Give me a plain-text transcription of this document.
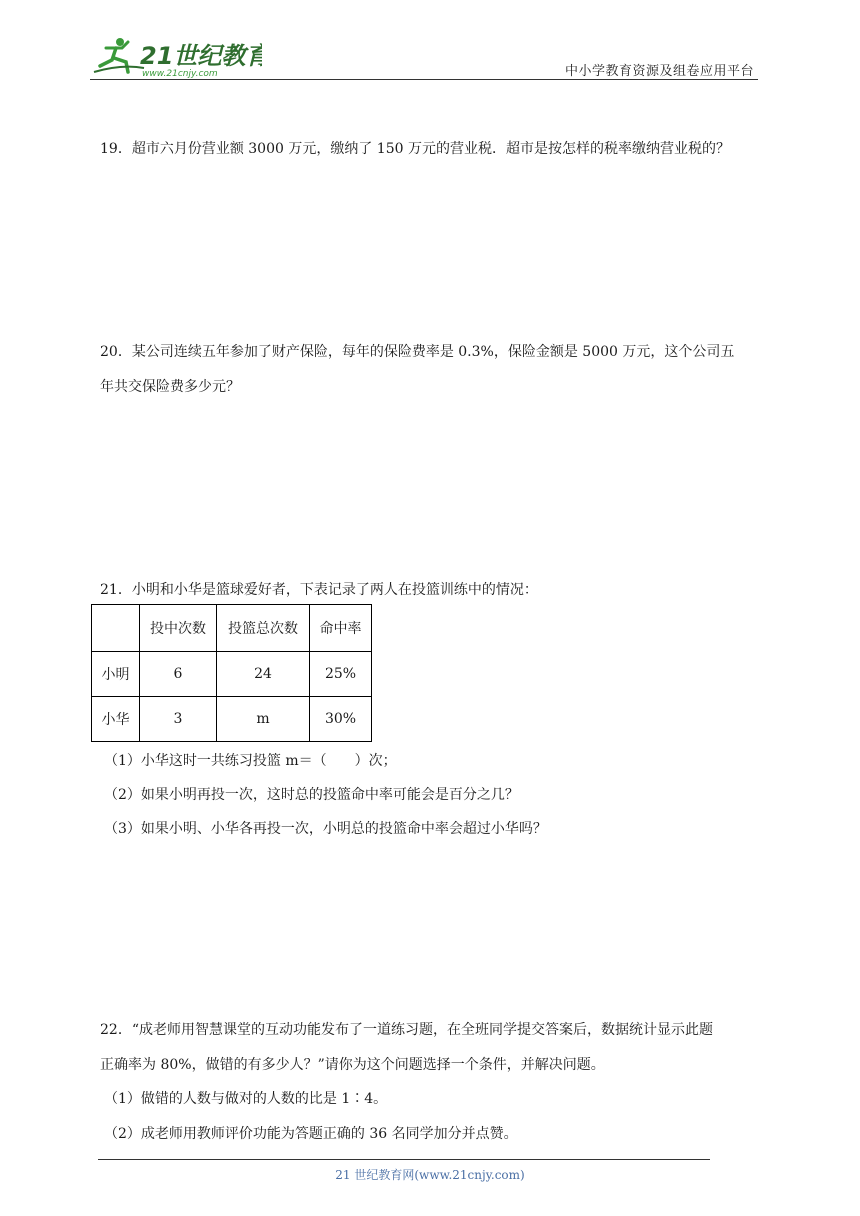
21世纪教育
www.21cnjy.com	中小学教育资源及组卷应用平台
19．超市六月份营业额 3000 万元，缴纳了 150 万元的营业税．超市是按怎样的税率缴纳营业税的？
20．某公司连续五年参加了财产保险，每年的保险费率是 0.3%，保险金额是 5000 万元，这个公司五
年共交保险费多少元？
21．小明和小华是篮球爱好者，下表记录了两人在投篮训练中的情况：
	投中次数	投篮总次数	命中率
小明	6	24	25%
小华	3	m	30%
（1）小华这时一共练习投篮 m＝（　　）次；
（2）如果小明再投一次，这时总的投篮命中率可能会是百分之几？
（3）如果小明、小华各再投一次，小明总的投篮命中率会超过小华吗？
22．“成老师用智慧课堂的互动功能发布了一道练习题，在全班同学提交答案后，数据统计显示此题
正确率为 80%，做错的有多少人？”请你为这个问题选择一个条件，并解决问题。
（1）做错的人数与做对的人数的比是 1∶4。
（2）成老师用教师评价功能为答题正确的 36 名同学加分并点赞。
21 世纪教育网(www.21cnjy.com)
